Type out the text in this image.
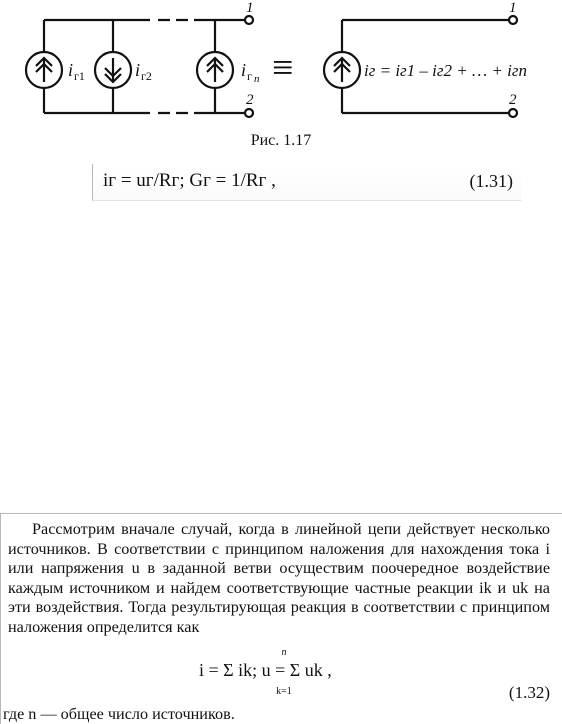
≡
i г1	i г2	i г n
1
2
1
2
iг = iг1 – iг2 + … + iгn
Рис. 1.17
iг = uг/Rг; Gг = 1/Rг ,	(1.31)

Рассмотрим вначале случай, когда в линейной цепи действует несколько источников. В соответствии с принципом наложения для нахождения тока i или напряжения u в заданной ветви осуществим поочередное воздействие каждым источником и найдем соответствующие частные реакции ik и uk на эти воздействия. Тогда результирующая реакция в соответствии с принципом наложения определится как

n
i = Σ ik; u = Σ uk ,
k=1	(1.32)
где n — общее число источников.
